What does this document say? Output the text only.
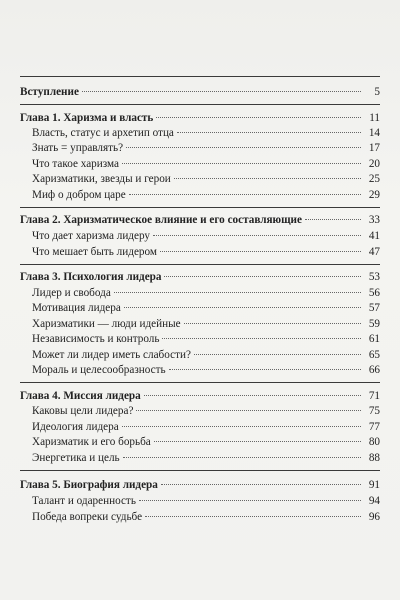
Вступление	5
Глава 1. Харизма и власть	11
Власть, статус и архетип отца	14
Знать = управлять?	17
Что такое харизма	20
Харизматики, звезды и герои	25
Миф о добром царе	29
Глава 2. Харизматическое влияние и его составляющие	33
Что дает харизма лидеру	41
Что мешает быть лидером	47
Глава 3. Психология лидера	53
Лидер и свобода	56
Мотивация лидера	57
Харизматики — люди идейные	59
Независимость и контроль	61
Может ли лидер иметь слабости?	65
Мораль и целесообразность	66
Глава 4. Миссия лидера	71
Каковы цели лидера?	75
Идеология лидера	77
Харизматик и его борьба	80
Энергетика и цель	88
Глава 5. Биография лидера	91
Талант и одаренность	94
Победа вопреки судьбе	96
